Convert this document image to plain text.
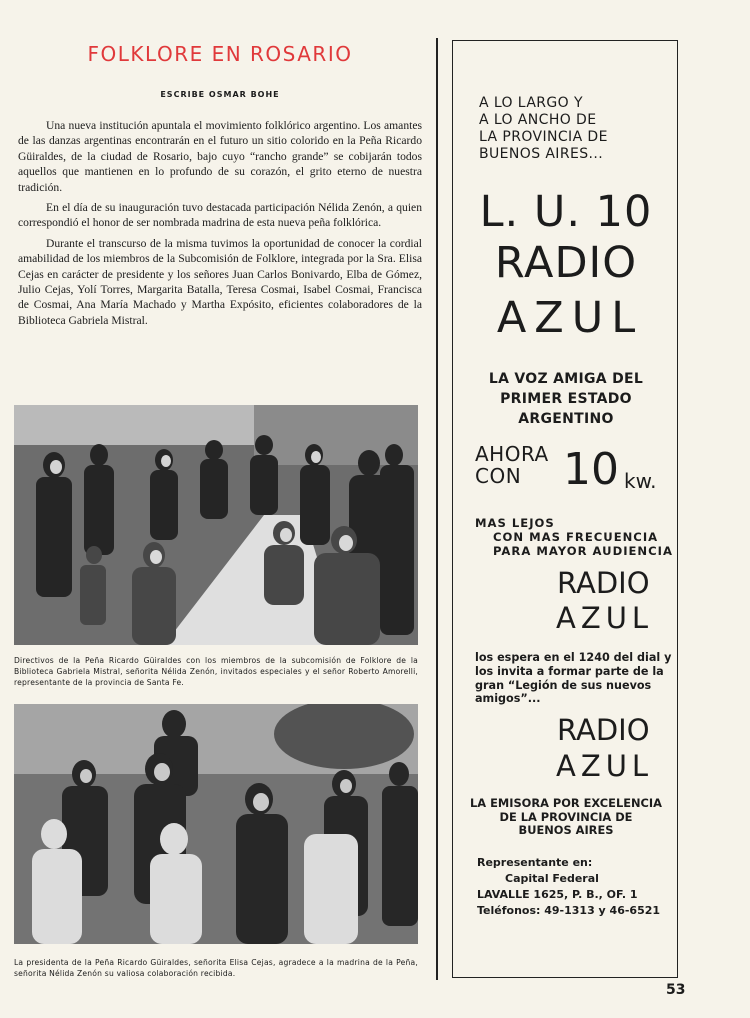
FOLKLORE EN ROSARIO
ESCRIBE OSMAR BOHE

Una nueva institución apuntala el movimiento folklórico argentino. Los amantes de las danzas argentinas encontrarán en el futuro un sitio colorido en la Peña Ricardo Güiraldes, de la ciudad de Rosario, bajo cuyo “rancho grande” se cobijarán todos aquellos que mantienen en lo profundo de su corazón, el grito eterno de nuestra tradición.

En el día de su inauguración tuvo destacada participación Nélida Zenón, a quien correspondió el honor de ser nombrada madrina de esta nueva peña folklórica.

Durante el transcurso de la misma tuvimos la oportunidad de conocer la cordial amabilidad de los miembros de la Subcomisión de Folklore, integrada por la Sra. Elisa Cejas en carácter de presidente y los señores Juan Carlos Bonivardo, Elba de Gómez, Julio Cejas, Yolí Torres, Margarita Batalla, Teresa Cosmai, Isabel Cosmai, Francisca de Cosmai, Ana María Machado y Martha Expósito, eficientes colaboradores de la Biblioteca Gabriela Mistral.

Directivos de la Peña Ricardo Güiraldes con los miembros de la subcomisión de Folklore de la Biblioteca Gabriela Mistral, señorita Nélida Zenón, invitados especiales y el señor Roberto Amorelli, representante de la provincia de Santa Fe.
La presidenta de la Peña Ricardo Güiraldes, señorita Elisa Cejas, agradece a la madrina de la Peña, señorita Nélida Zenón su valiosa colaboración recibida.
A LO LARGO Y
A LO ANCHO DE
LA PROVINCIA DE
BUENOS AIRES...
L. U. 10
RADIO
AZUL
LA VOZ AMIGA DEL
PRIMER ESTADO
ARGENTINO
AHORA
CON 10 kw.
MAS LEJOS
CON MAS FRECUENCIA
PARA MAYOR AUDIENCIA
RADIO
AZUL
los espera en el 1240 del dial y los invita a formar parte de la gran “Legión de sus nuevos amigos”...
RADIO
AZUL
LA EMISORA POR EXCELENCIA
DE LA PROVINCIA DE
BUENOS AIRES
Representante en:
Capital Federal
LAVALLE 1625, P. B., OF. 1
Teléfonos: 49-1313 y 46-6521
53
